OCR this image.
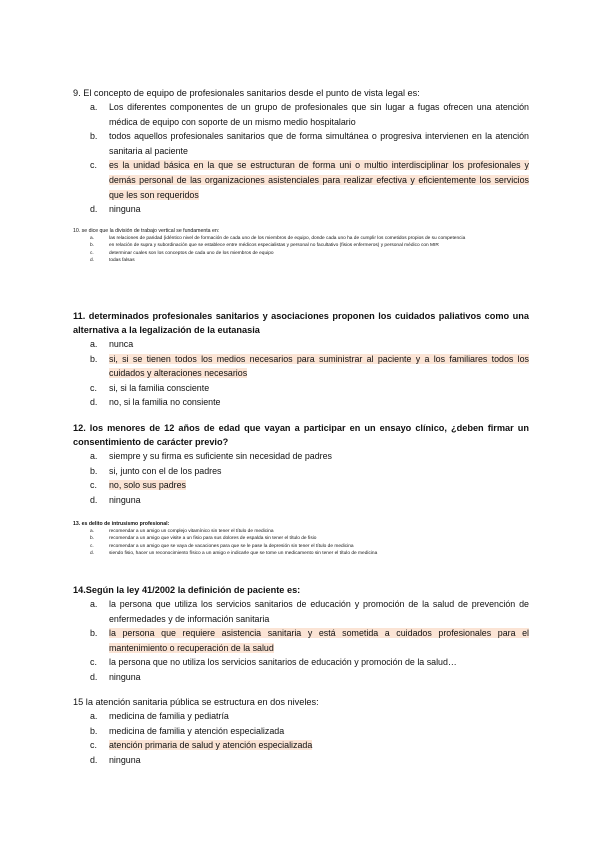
9. El concepto de equipo de profesionales sanitarios desde el punto de vista legal es:
a.	Los diferentes componentes de un grupo de profesionales que sin lugar a fugas ofrecen una atención médica de equipo con soporte de un mismo medio hospitalario
b.	todos aquellos profesionales sanitarios que de forma simultánea o progresiva intervienen en la atención sanitaria al paciente
c.	es la unidad básica en la que se estructuran de forma uni o multio interdisciplinar los profesionales y demás personal de las organizaciones asistenciales para realizar efectiva y eficientemente los servicios que les son requeridos
d.	ninguna
10. se dice que la división de trabajo vertical se fundamenta en:
a.	las relaciones de paridad (idéntico nivel de formación de cada uno de los miembros de equipo, donde cada uno ha de cumplir los cometidos propios de su competencia
b.	en relación de supra y subordinación que se establece entre médicos especialistas y personal no facultativo (fisios enfermeros) y personal médico con MIR
c.	determinar cuales son los conceptos de cada uno de los miembros de equipo
d.	todas falsas
11. determinados profesionales sanitarios y asociaciones proponen los cuidados paliativos como una alternativa a la legalización de la eutanasia
a.	nunca
b.	si, si se tienen todos los medios necesarios para suministrar al paciente y a los familiares todos los cuidados y alteraciones necesarios
c.	si, si la familia consciente
d.	no, si la familia no consiente
12. los menores de 12 años de edad que vayan a participar en un ensayo clínico, ¿deben firmar un consentimiento de carácter previo?
a.	siempre y su firma es suficiente sin necesidad de padres
b.	si, junto con el de los padres
c.	no, solo sus padres
d.	ninguna
13. es delito de intrusismo profesional:
a.	recomendar a un amigo un complejo vitamínico sin tener el título de medicina
b.	recomendar a un amigo que visite a un fisio para sus dolores de espalda sin tener el título de fisio
c.	recomendar a un amigo que se vaya de vacaciones para que se le pase la depresión sin tener el título de medicina
d.	siendo fisio, hacer un reconocimiento físico a un amigo e indicarle que se tome un medicamento sin tener el título de medicina
14.Según la ley 41/2002 la definición de paciente es:
a.	la persona que utiliza los servicios sanitarios de educación y promoción de la salud de prevención de enfermedades y de información sanitaria
b.	la persona que requiere asistencia sanitaria y está sometida a cuidados profesionales para el mantenimiento o recuperación de la salud
c.	la persona que no utiliza los servicios sanitarios de educación y promoción de la salud…
d.	ninguna
15 la atención sanitaria pública se estructura en dos niveles:
a.	medicina de familia y pediatría
b.	medicina de familia y atención especializada
c.	atención primaria de salud y atención especializada
d.	ninguna
